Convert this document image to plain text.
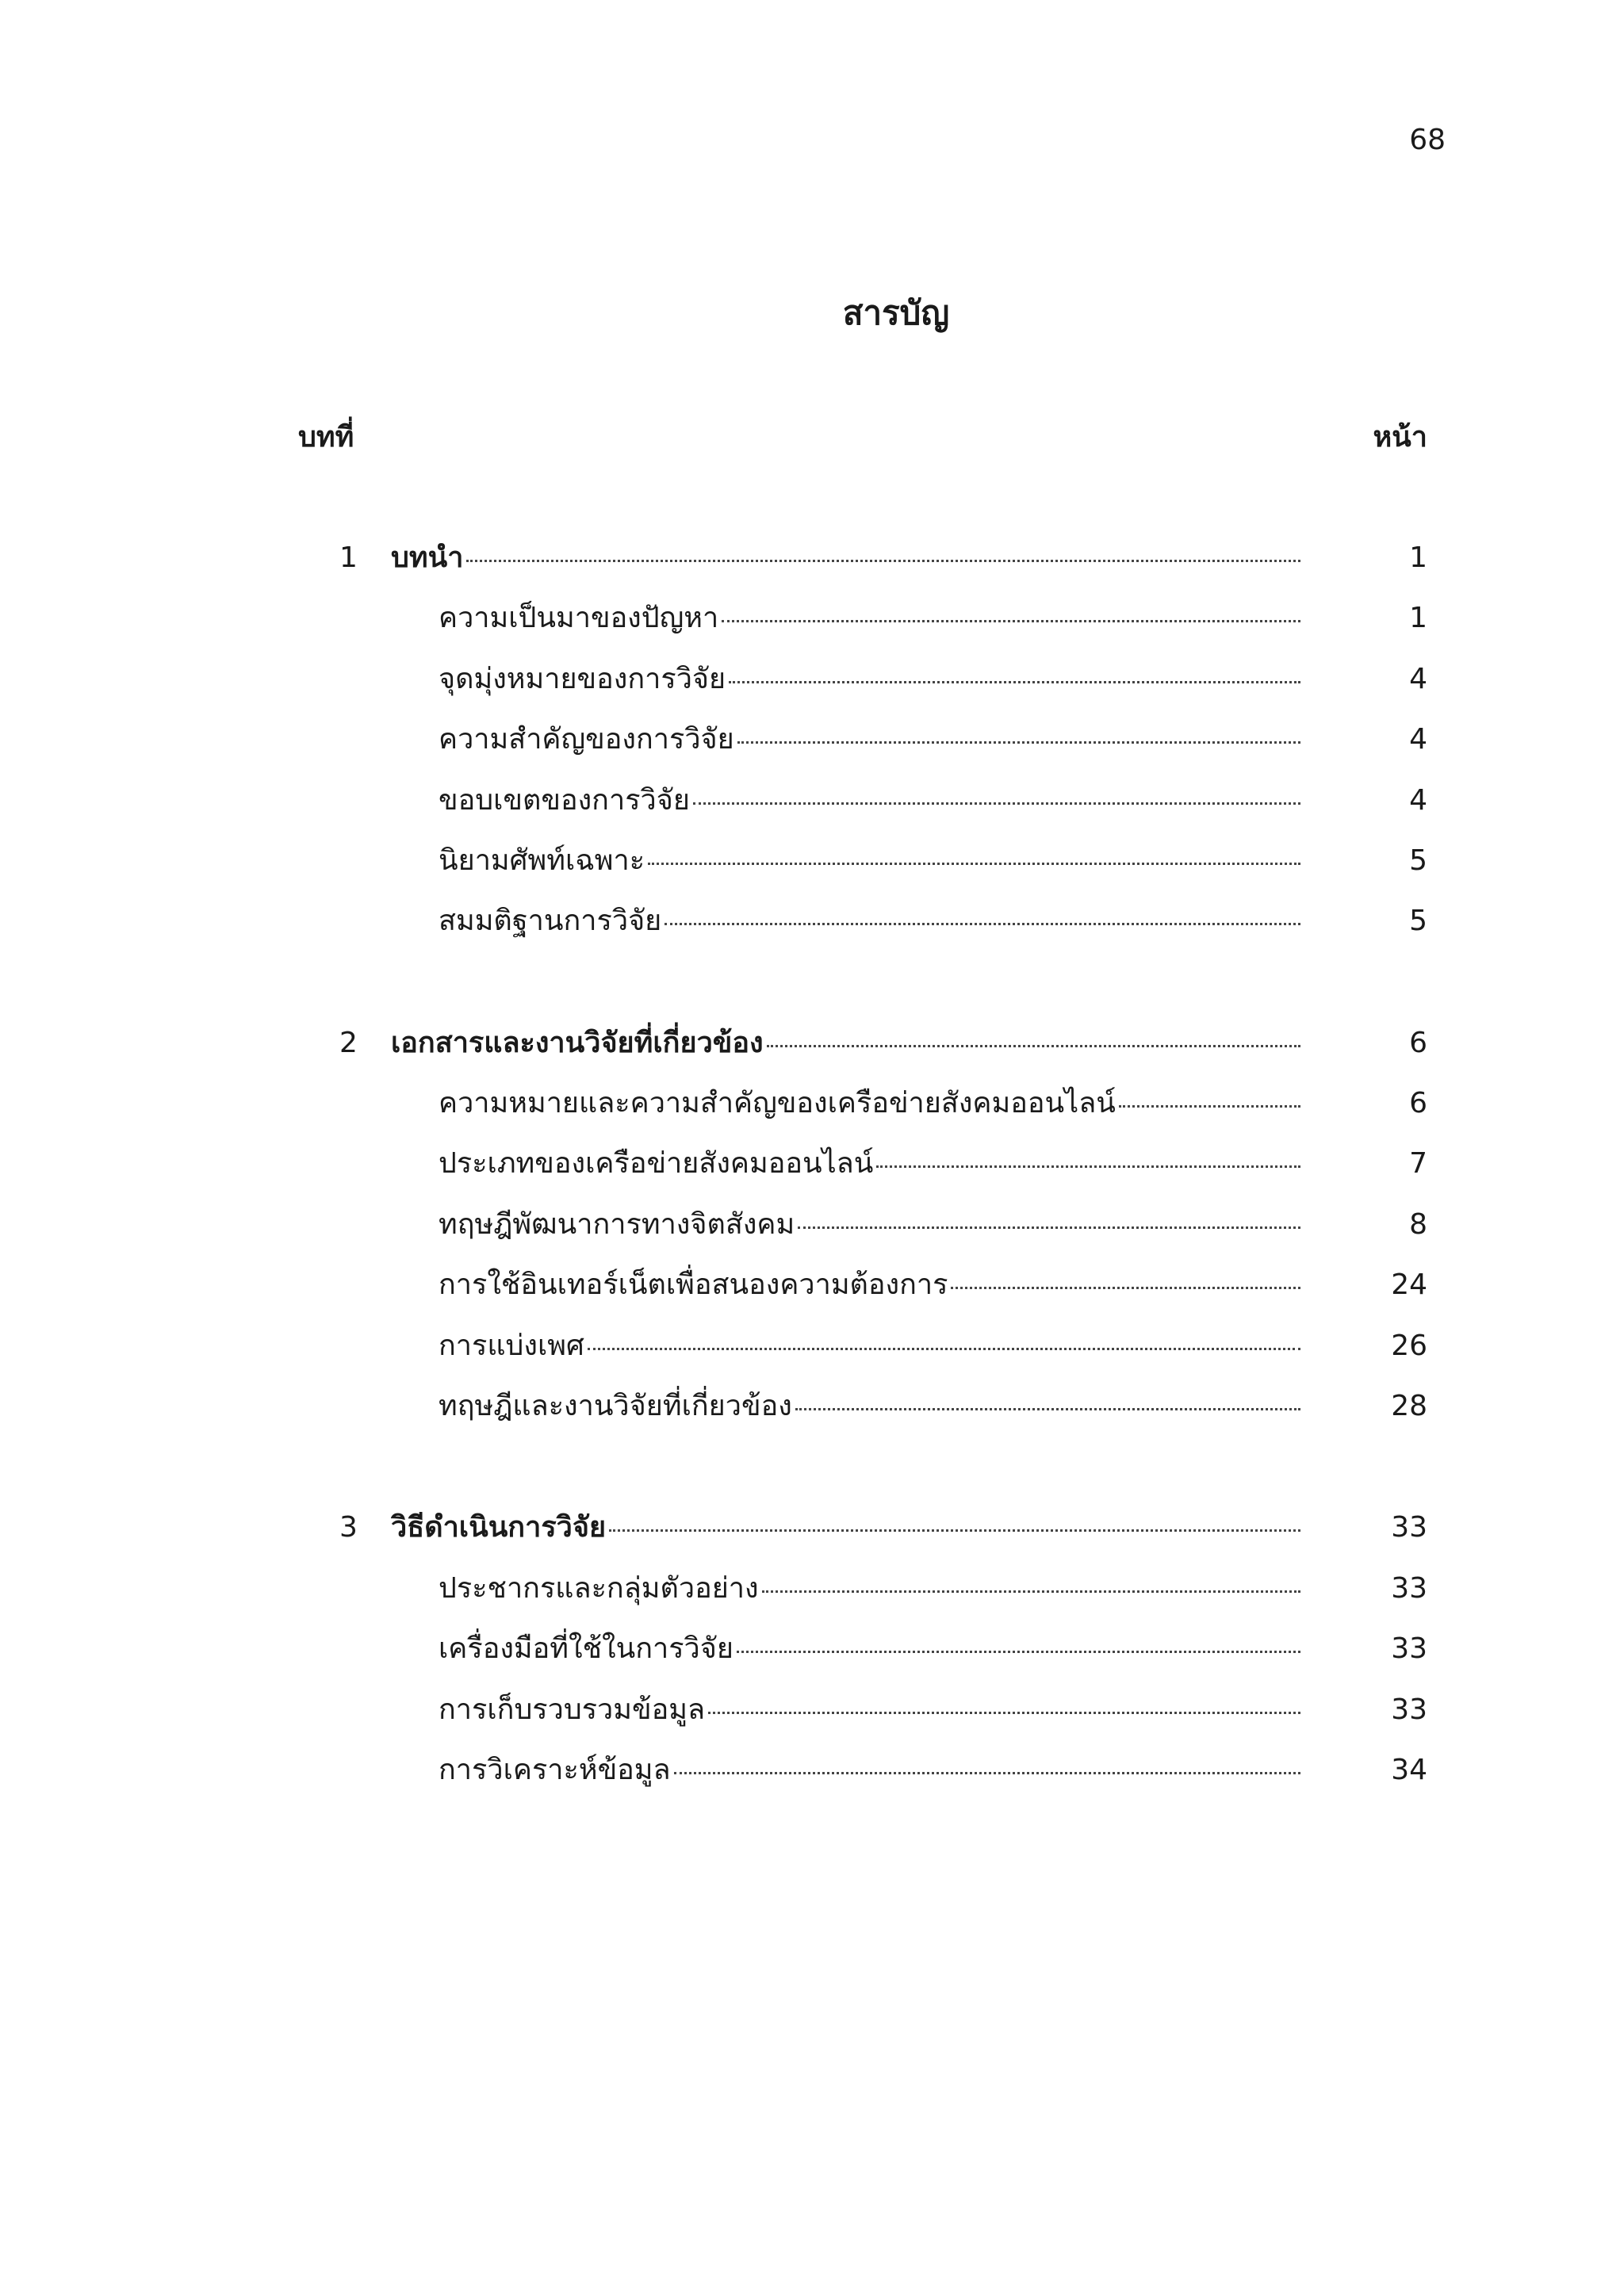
68
สารบัญ
บทที่	หน้า
1	บทนำ	1
ความเป็นมาของปัญหา	1
จุดมุ่งหมายของการวิจัย	4
ความสำคัญของการวิจัย	4
ขอบเขตของการวิจัย	4
นิยามศัพท์เฉพาะ	5
สมมติฐานการวิจัย	5
2	เอกสารและงานวิจัยที่เกี่ยวข้อง	6
ความหมายและความสำคัญของเครือข่ายสังคมออนไลน์	6
ประเภทของเครือข่ายสังคมออนไลน์	7
ทฤษฎีพัฒนาการทางจิตสังคม	8
การใช้อินเทอร์เน็ตเพื่อสนองความต้องการ	24
การแบ่งเพศ	26
ทฤษฎีและงานวิจัยที่เกี่ยวข้อง	28
3	วิธีดำเนินการวิจัย	33
ประชากรและกลุ่มตัวอย่าง	33
เครื่องมือที่ใช้ในการวิจัย	33
การเก็บรวบรวมข้อมูล	33
การวิเคราะห์ข้อมูล	34
